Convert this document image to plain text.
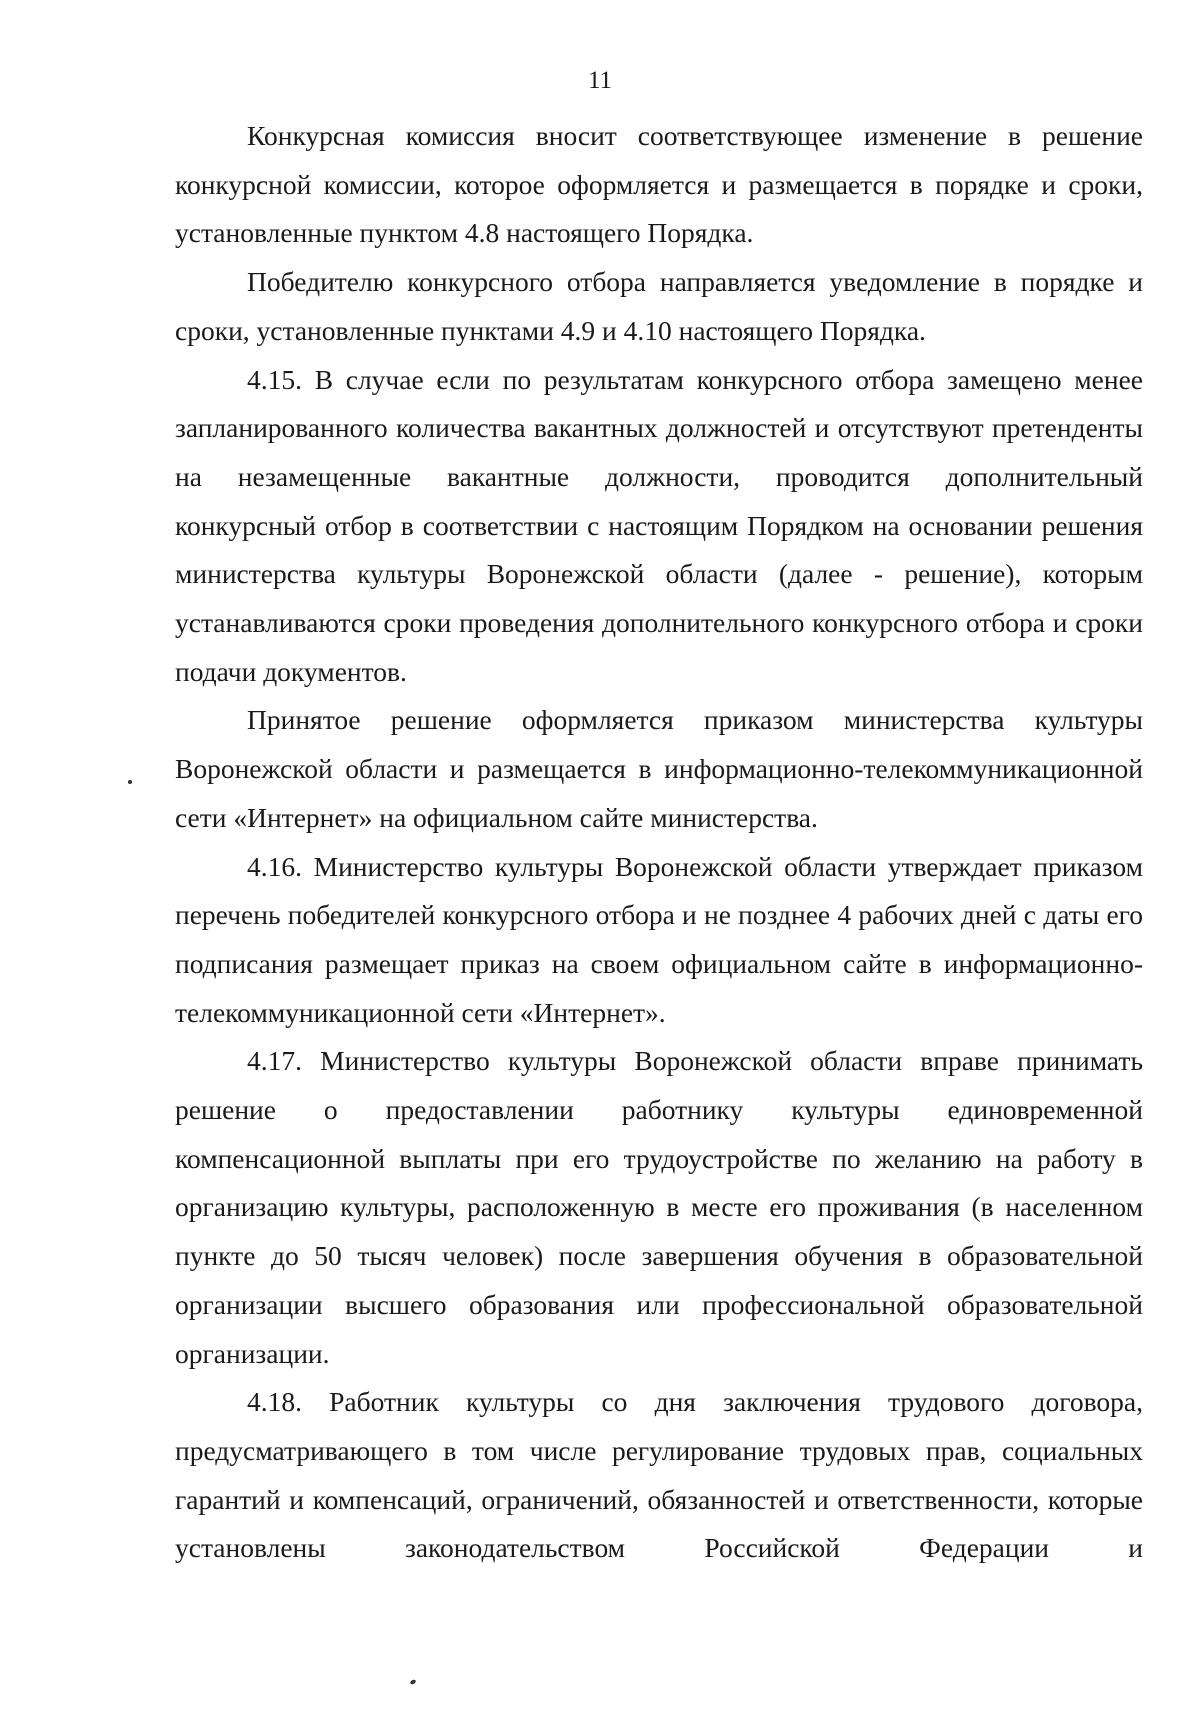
11

Конкурсная комиссия вносит соответствующее изменение в решение конкурсной комиссии, которое оформляется и размещается в порядке и сроки, установленные пунктом 4.8 настоящего Порядка.

Победителю конкурсного отбора направляется уведомление в порядке и сроки, установленные пунктами 4.9 и 4.10 настоящего Порядка.

4.15. В случае если по результатам конкурсного отбора замещено менее запланированного количества вакантных должностей и отсутствуют претенденты на незамещенные вакантные должности, проводится дополнительный конкурсный отбор в соответствии с настоящим Порядком на основании решения министерства культуры Воронежской области (далее - решение), которым устанавливаются сроки проведения дополнительного конкурсного отбора и сроки подачи документов.

Принятое решение оформляется приказом министерства культуры Воронежской области и размещается в информационно-телекоммуникационной сети «Интернет» на официальном сайте министерства.

4.16. Министерство культуры Воронежской области утверждает приказом перечень победителей конкурсного отбора и не позднее 4 рабочих дней с даты его подписания размещает приказ на своем официальном сайте в информационно-телекоммуникационной сети «Интернет».

4.17. Министерство культуры Воронежской области вправе принимать решение о предоставлении работнику культуры единовременной компенсационной выплаты при его трудоустройстве по желанию на работу в организацию культуры, расположенную в месте его проживания (в населенном пункте до 50 тысяч человек) после завершения обучения в образовательной организации высшего образования или профессиональной образовательной организации.

4.18. Работник культуры со дня заключения трудового договора, предусматривающего в том числе регулирование трудовых прав, социальных гарантий и компенсаций, ограничений, обязанностей и ответственности, которые установлены законодательством Российской Федерации и
